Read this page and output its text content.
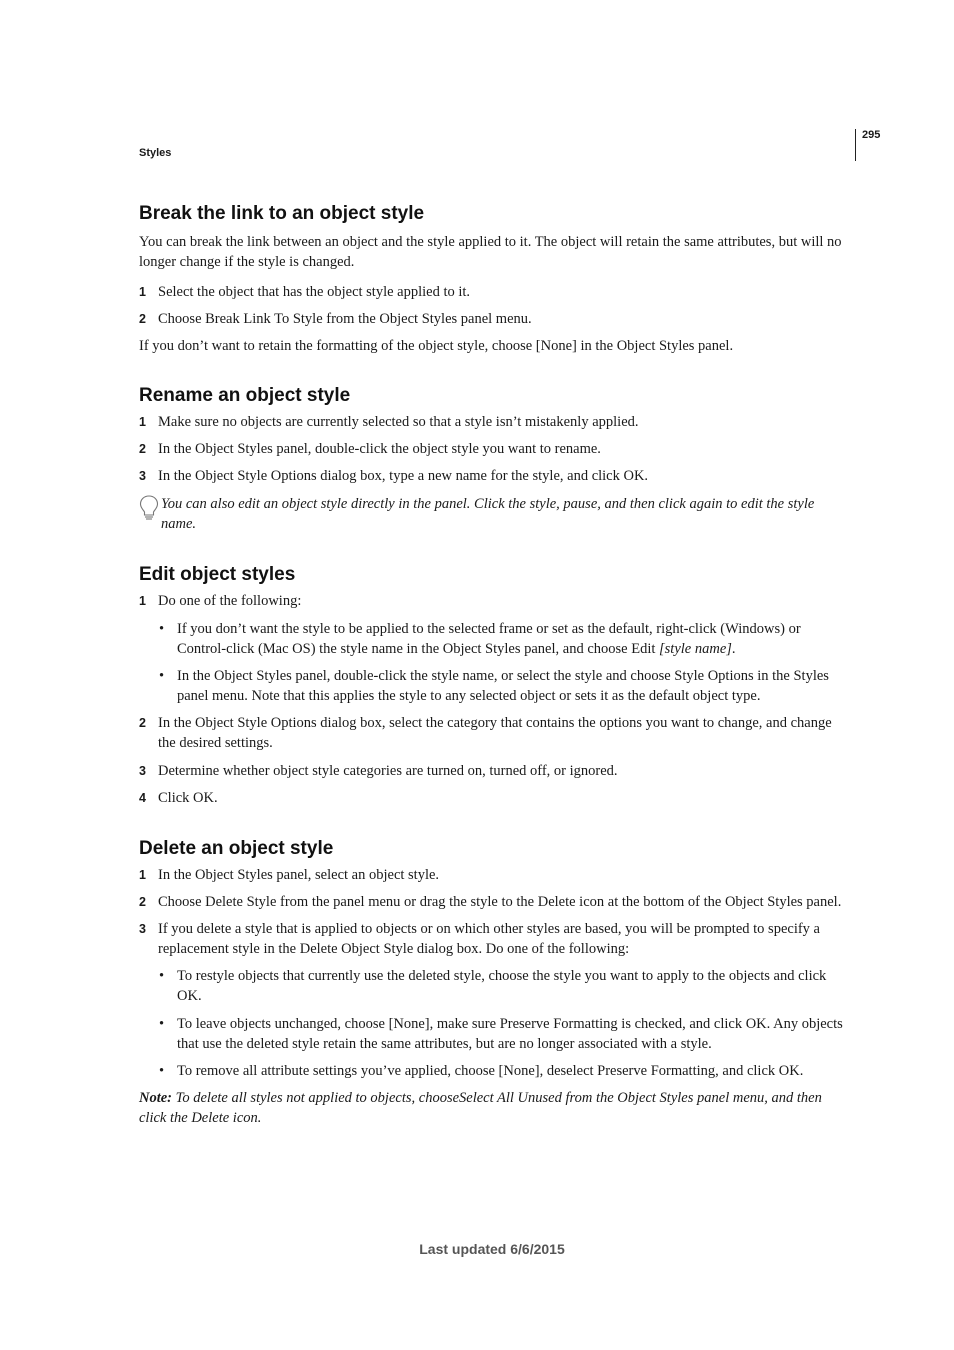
Styles
295
Break the link to an object style

You can break the link between an object and the style applied to it. The object will retain the same attributes, but will no longer change if the style is changed.

1 Select the object that has the object style applied to it.
2 Choose Break Link To Style from the Object Styles panel menu.

If you don’t want to retain the formatting of the object style, choose [None] in the Object Styles panel.

Rename an object style
1 Make sure no objects are currently selected so that a style isn’t mistakenly applied.
2 In the Object Styles panel, double-click the object style you want to rename.
3 In the Object Style Options dialog box, type a new name for the style, and click OK.
You can also edit an object style directly in the panel. Click the style, pause, and then click again to edit the style name.
Edit object styles
1 Do one of the following:
• If you don’t want the style to be applied to the selected frame or set as the default, right-click (Windows) or Control-click (Mac OS) the style name in the Object Styles panel, and choose Edit [style name].
• In the Object Styles panel, double-click the style name, or select the style and choose Style Options in the Styles panel menu. Note that this applies the style to any selected object or sets it as the default object type.
2 In the Object Style Options dialog box, select the category that contains the options you want to change, and change the desired settings.
3 Determine whether object style categories are turned on, turned off, or ignored.
4 Click OK.
Delete an object style
1 In the Object Styles panel, select an object style.
2 Choose Delete Style from the panel menu or drag the style to the Delete icon at the bottom of the Object Styles panel.
3 If you delete a style that is applied to objects or on which other styles are based, you will be prompted to specify a replacement style in the Delete Object Style dialog box. Do one of the following:
• To restyle objects that currently use the deleted style, choose the style you want to apply to the objects and click OK.
• To leave objects unchanged, choose [None], make sure Preserve Formatting is checked, and click OK. Any objects that use the deleted style retain the same attributes, but are no longer associated with a style.
• To remove all attribute settings you’ve applied, choose [None], deselect Preserve Formatting, and click OK.
Note: To delete all styles not applied to objects, chooseSelect All Unused from the Object Styles panel menu, and then click the Delete icon.
Last updated 6/6/2015
